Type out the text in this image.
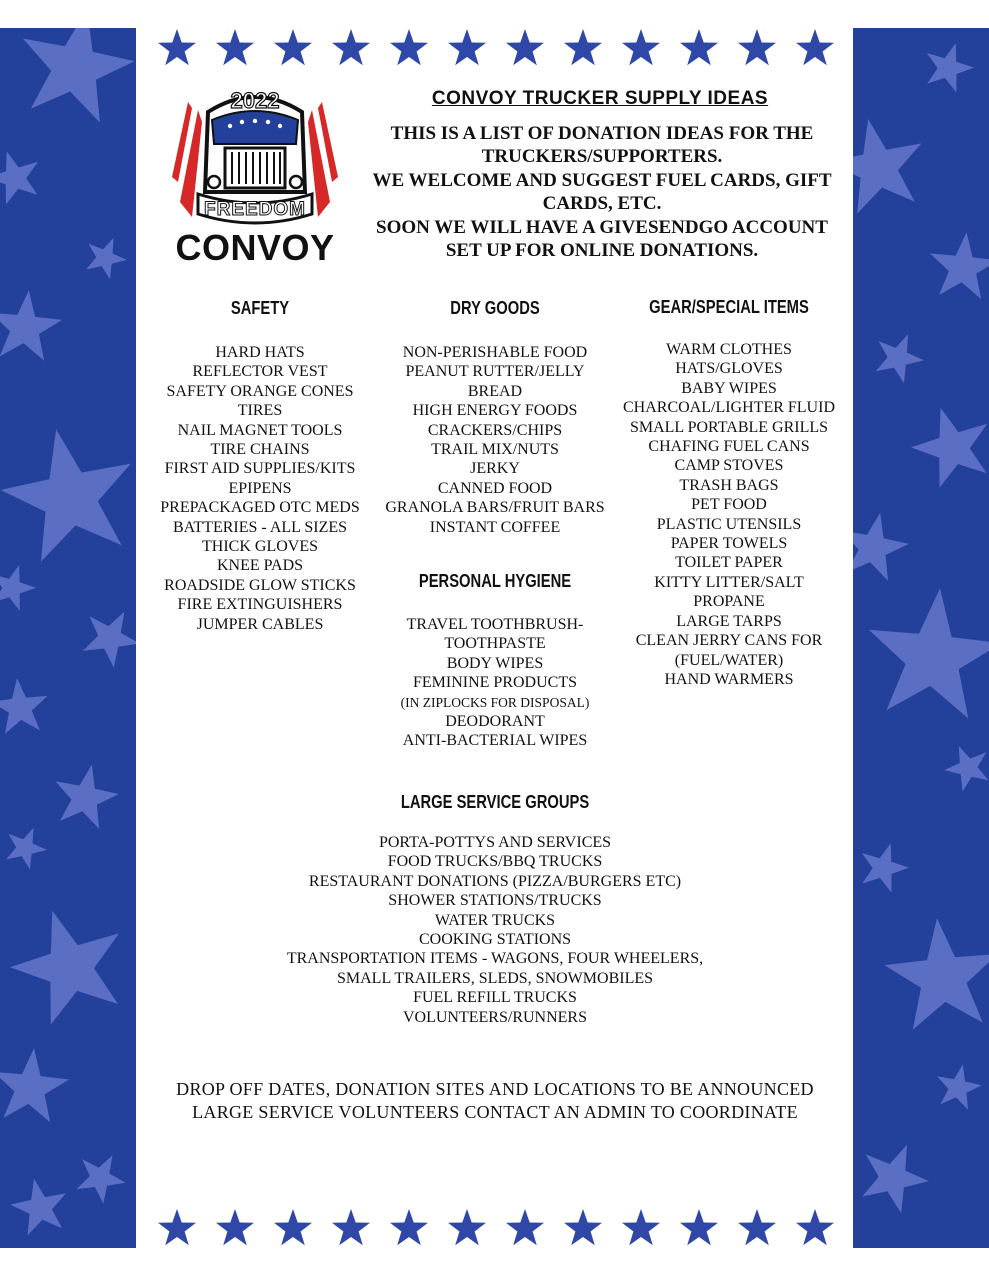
2022
FREEDOM
CONVOY
CONVOY TRUCKER SUPPLY IDEAS
THIS IS A LIST OF DONATION IDEAS FOR THE
TRUCKERS/SUPPORTERS.
WE WELCOME AND SUGGEST FUEL CARDS, GIFT
CARDS, ETC.
SOON WE WILL HAVE A GIVESENDGO ACCOUNT
SET UP FOR ONLINE DONATIONS.
SAFETY
HARD HATS
REFLECTOR VEST
SAFETY ORANGE CONES
TIRES
NAIL MAGNET TOOLS
TIRE CHAINS
FIRST AID SUPPLIES/KITS
EPIPENS
PREPACKAGED OTC MEDS
BATTERIES - ALL SIZES
THICK GLOVES
KNEE PADS
ROADSIDE GLOW STICKS
FIRE EXTINGUISHERS
JUMPER CABLES
DRY GOODS
NON-PERISHABLE FOOD
PEANUT RUTTER/JELLY
BREAD
HIGH ENERGY FOODS
CRACKERS/CHIPS
TRAIL MIX/NUTS
JERKY
CANNED FOOD
GRANOLA BARS/FRUIT BARS
INSTANT COFFEE
PERSONAL HYGIENE
TRAVEL TOOTHBRUSH-
TOOTHPASTE
BODY WIPES
FEMININE PRODUCTS
(IN ZIPLOCKS FOR DISPOSAL)
DEODORANT
ANTI-BACTERIAL WIPES
GEAR/SPECIAL ITEMS
WARM CLOTHES
HATS/GLOVES
BABY WIPES
CHARCOAL/LIGHTER FLUID
SMALL PORTABLE GRILLS
CHAFING FUEL CANS
CAMP STOVES
TRASH BAGS
PET FOOD
PLASTIC UTENSILS
PAPER TOWELS
TOILET PAPER
KITTY LITTER/SALT
PROPANE
LARGE TARPS
CLEAN JERRY CANS FOR
(FUEL/WATER)
HAND WARMERS
LARGE SERVICE GROUPS
PORTA-POTTYS AND SERVICES
FOOD TRUCKS/BBQ TRUCKS
RESTAURANT DONATIONS (PIZZA/BURGERS ETC)
SHOWER STATIONS/TRUCKS
WATER TRUCKS
COOKING STATIONS
TRANSPORTATION ITEMS - WAGONS, FOUR WHEELERS,
SMALL TRAILERS, SLEDS, SNOWMOBILES
FUEL REFILL TRUCKS
VOLUNTEERS/RUNNERS
DROP OFF DATES, DONATION SITES AND LOCATIONS TO BE ANNOUNCED
LARGE SERVICE VOLUNTEERS CONTACT AN ADMIN TO COORDINATE
